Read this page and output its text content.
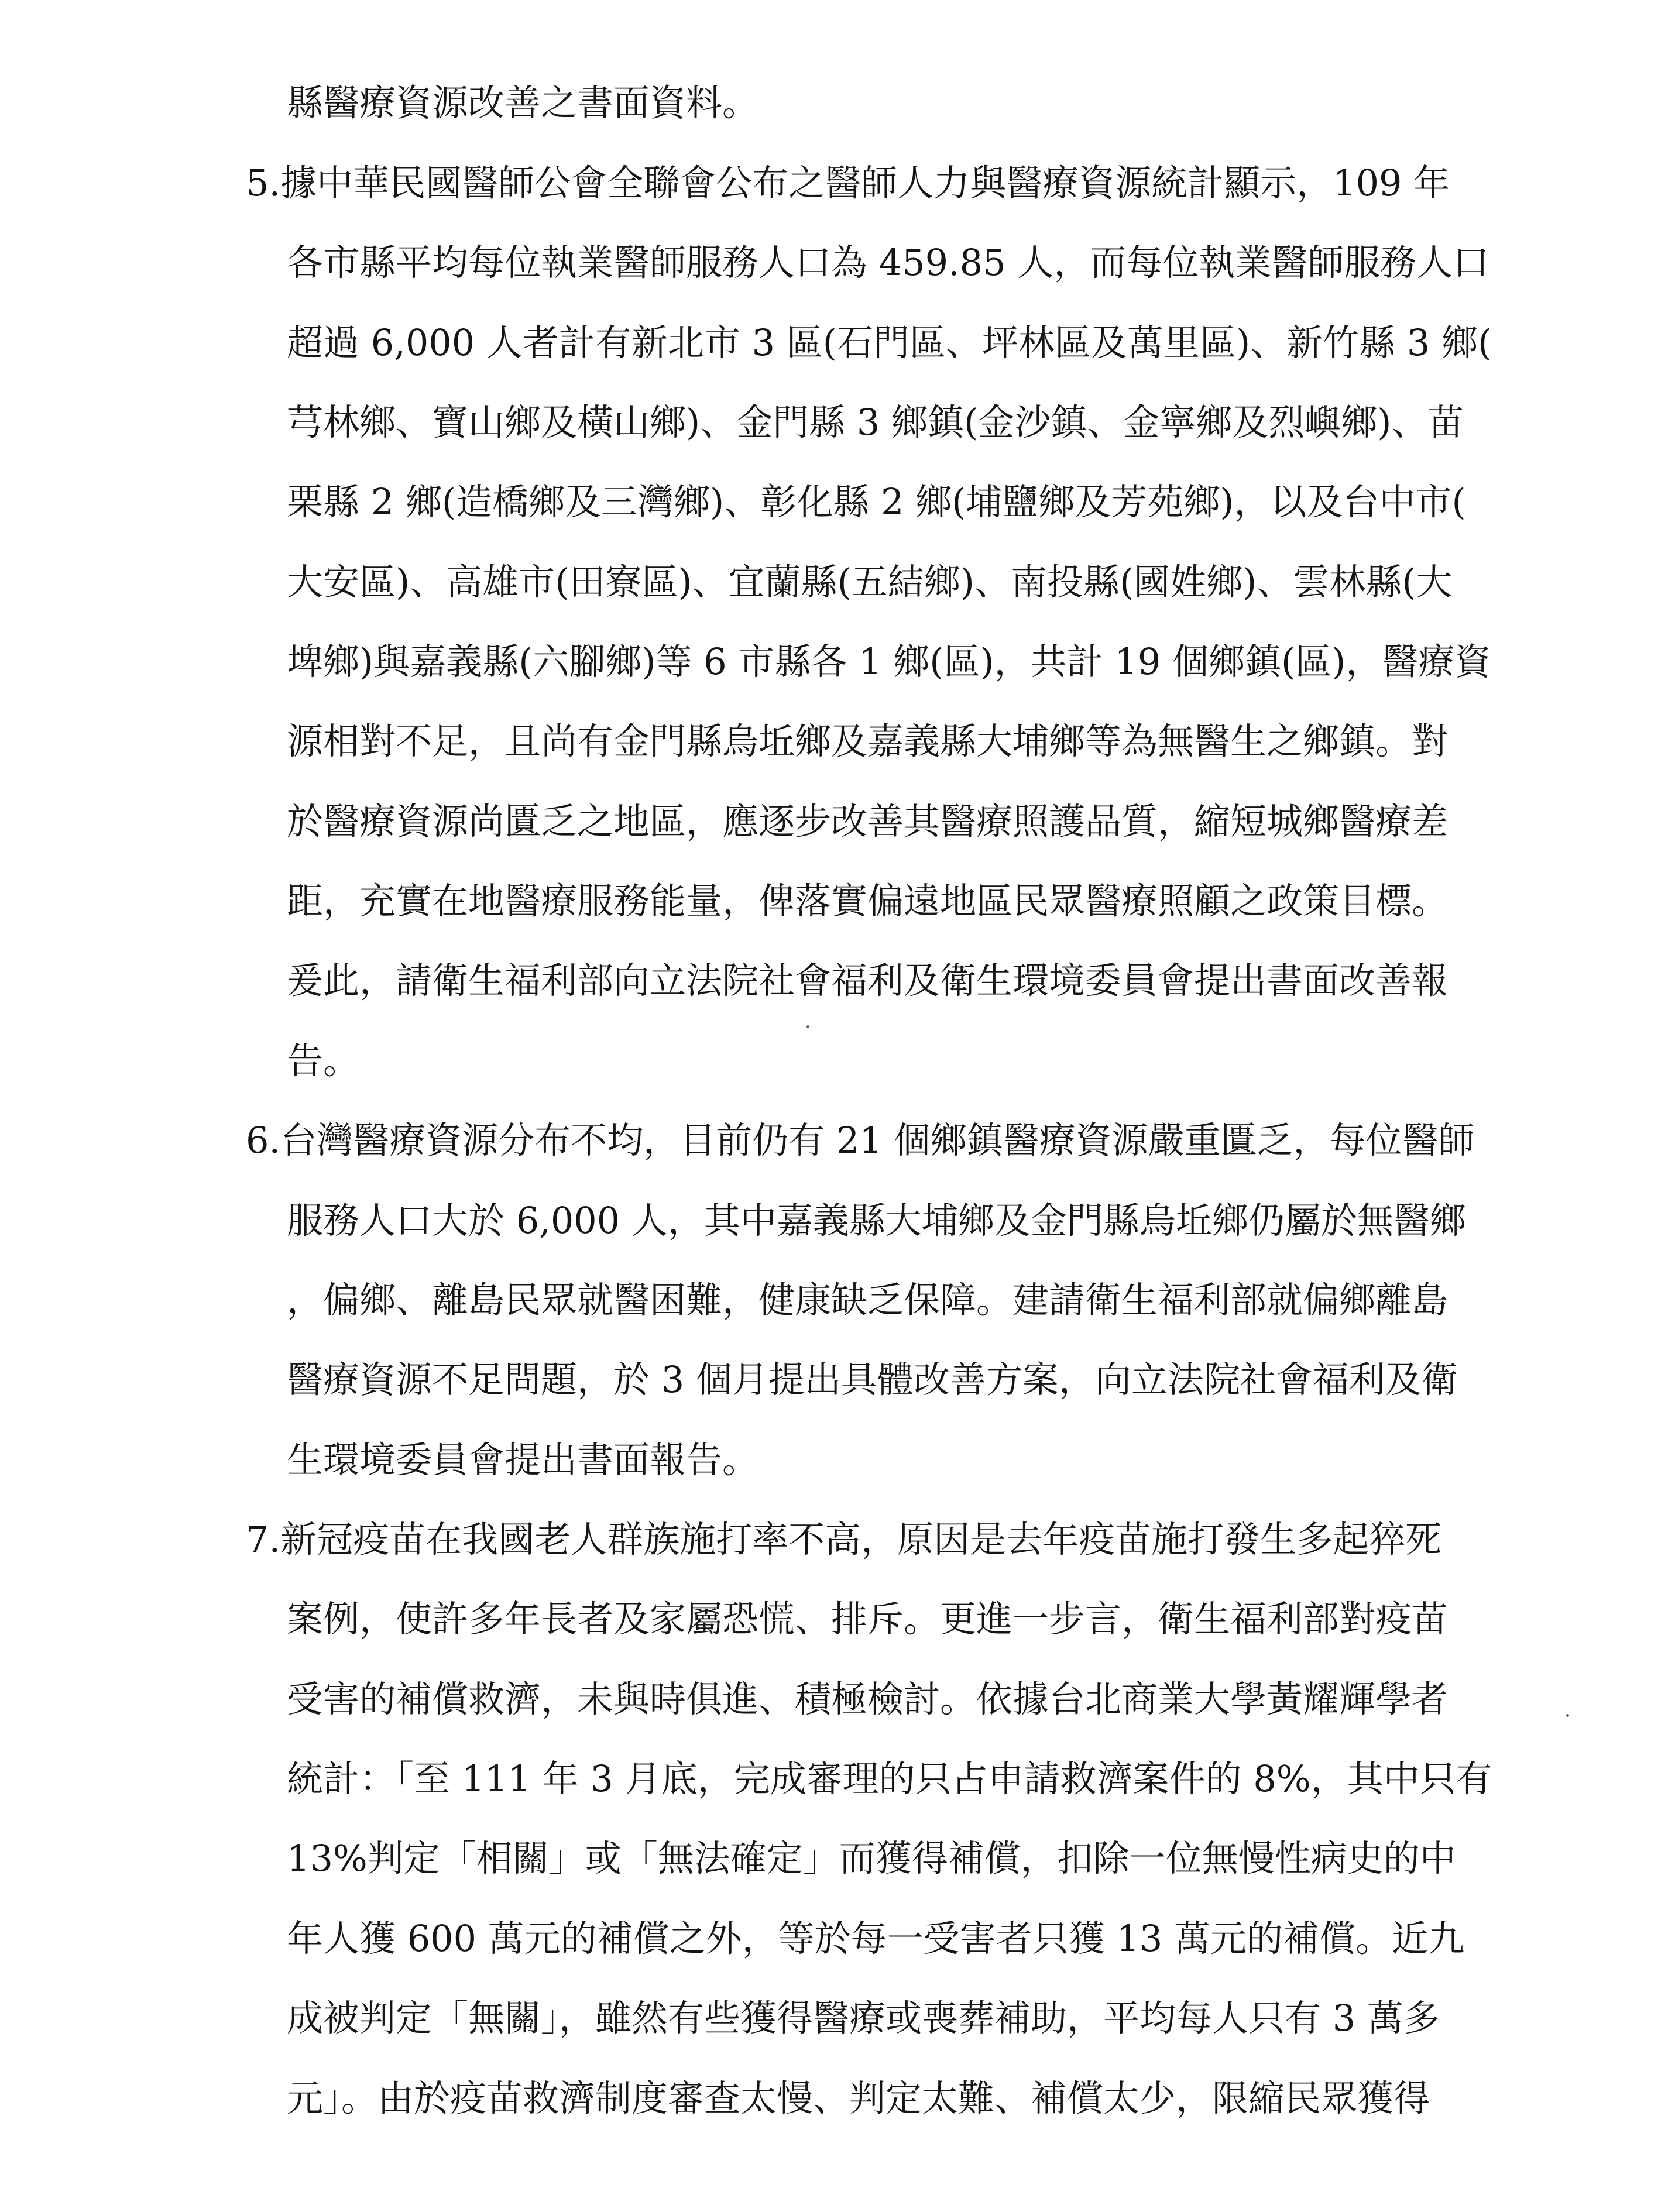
縣醫療資源改善之書面資料。
5.據中華民國醫師公會全聯會公布之醫師人力與醫療資源統計顯示，109 年
各市縣平均每位執業醫師服務人口為 459.85 人，而每位執業醫師服務人口
超過 6,000 人者計有新北市 3 區(石門區、坪林區及萬里區)、新竹縣 3 鄉(
芎林鄉、寶山鄉及橫山鄉)、金門縣 3 鄉鎮(金沙鎮、金寧鄉及烈嶼鄉)、苗
栗縣 2 鄉(造橋鄉及三灣鄉)、彰化縣 2 鄉(埔鹽鄉及芳苑鄉)，以及台中市(
大安區)、高雄市(田寮區)、宜蘭縣(五結鄉)、南投縣(國姓鄉)、雲林縣(大
埤鄉)與嘉義縣(六腳鄉)等 6 市縣各 1 鄉(區)，共計 19 個鄉鎮(區)，醫療資
源相對不足，且尚有金門縣烏坵鄉及嘉義縣大埔鄉等為無醫生之鄉鎮。對
於醫療資源尚匱乏之地區，應逐步改善其醫療照護品質，縮短城鄉醫療差
距，充實在地醫療服務能量，俾落實偏遠地區民眾醫療照顧之政策目標。
爰此，請衛生福利部向立法院社會福利及衛生環境委員會提出書面改善報
告。
6.台灣醫療資源分布不均，目前仍有 21 個鄉鎮醫療資源嚴重匱乏，每位醫師
服務人口大於 6,000 人，其中嘉義縣大埔鄉及金門縣烏坵鄉仍屬於無醫鄉
，偏鄉、離島民眾就醫困難，健康缺乏保障。建請衛生福利部就偏鄉離島
醫療資源不足問題，於 3 個月提出具體改善方案，向立法院社會福利及衛
生環境委員會提出書面報告。
7.新冠疫苗在我國老人群族施打率不高，原因是去年疫苗施打發生多起猝死
案例，使許多年長者及家屬恐慌、排斥。更進一步言，衛生福利部對疫苗
受害的補償救濟，未與時俱進、積極檢討。依據台北商業大學黃耀輝學者
統計：「至 111 年 3 月底，完成審理的只占申請救濟案件的 8%，其中只有
13%判定「相關」或「無法確定」而獲得補償，扣除一位無慢性病史的中
年人獲 600 萬元的補償之外，等於每一受害者只獲 13 萬元的補償。近九
成被判定「無關」，雖然有些獲得醫療或喪葬補助，平均每人只有 3 萬多
元」。由於疫苗救濟制度審查太慢、判定太難、補償太少，限縮民眾獲得
